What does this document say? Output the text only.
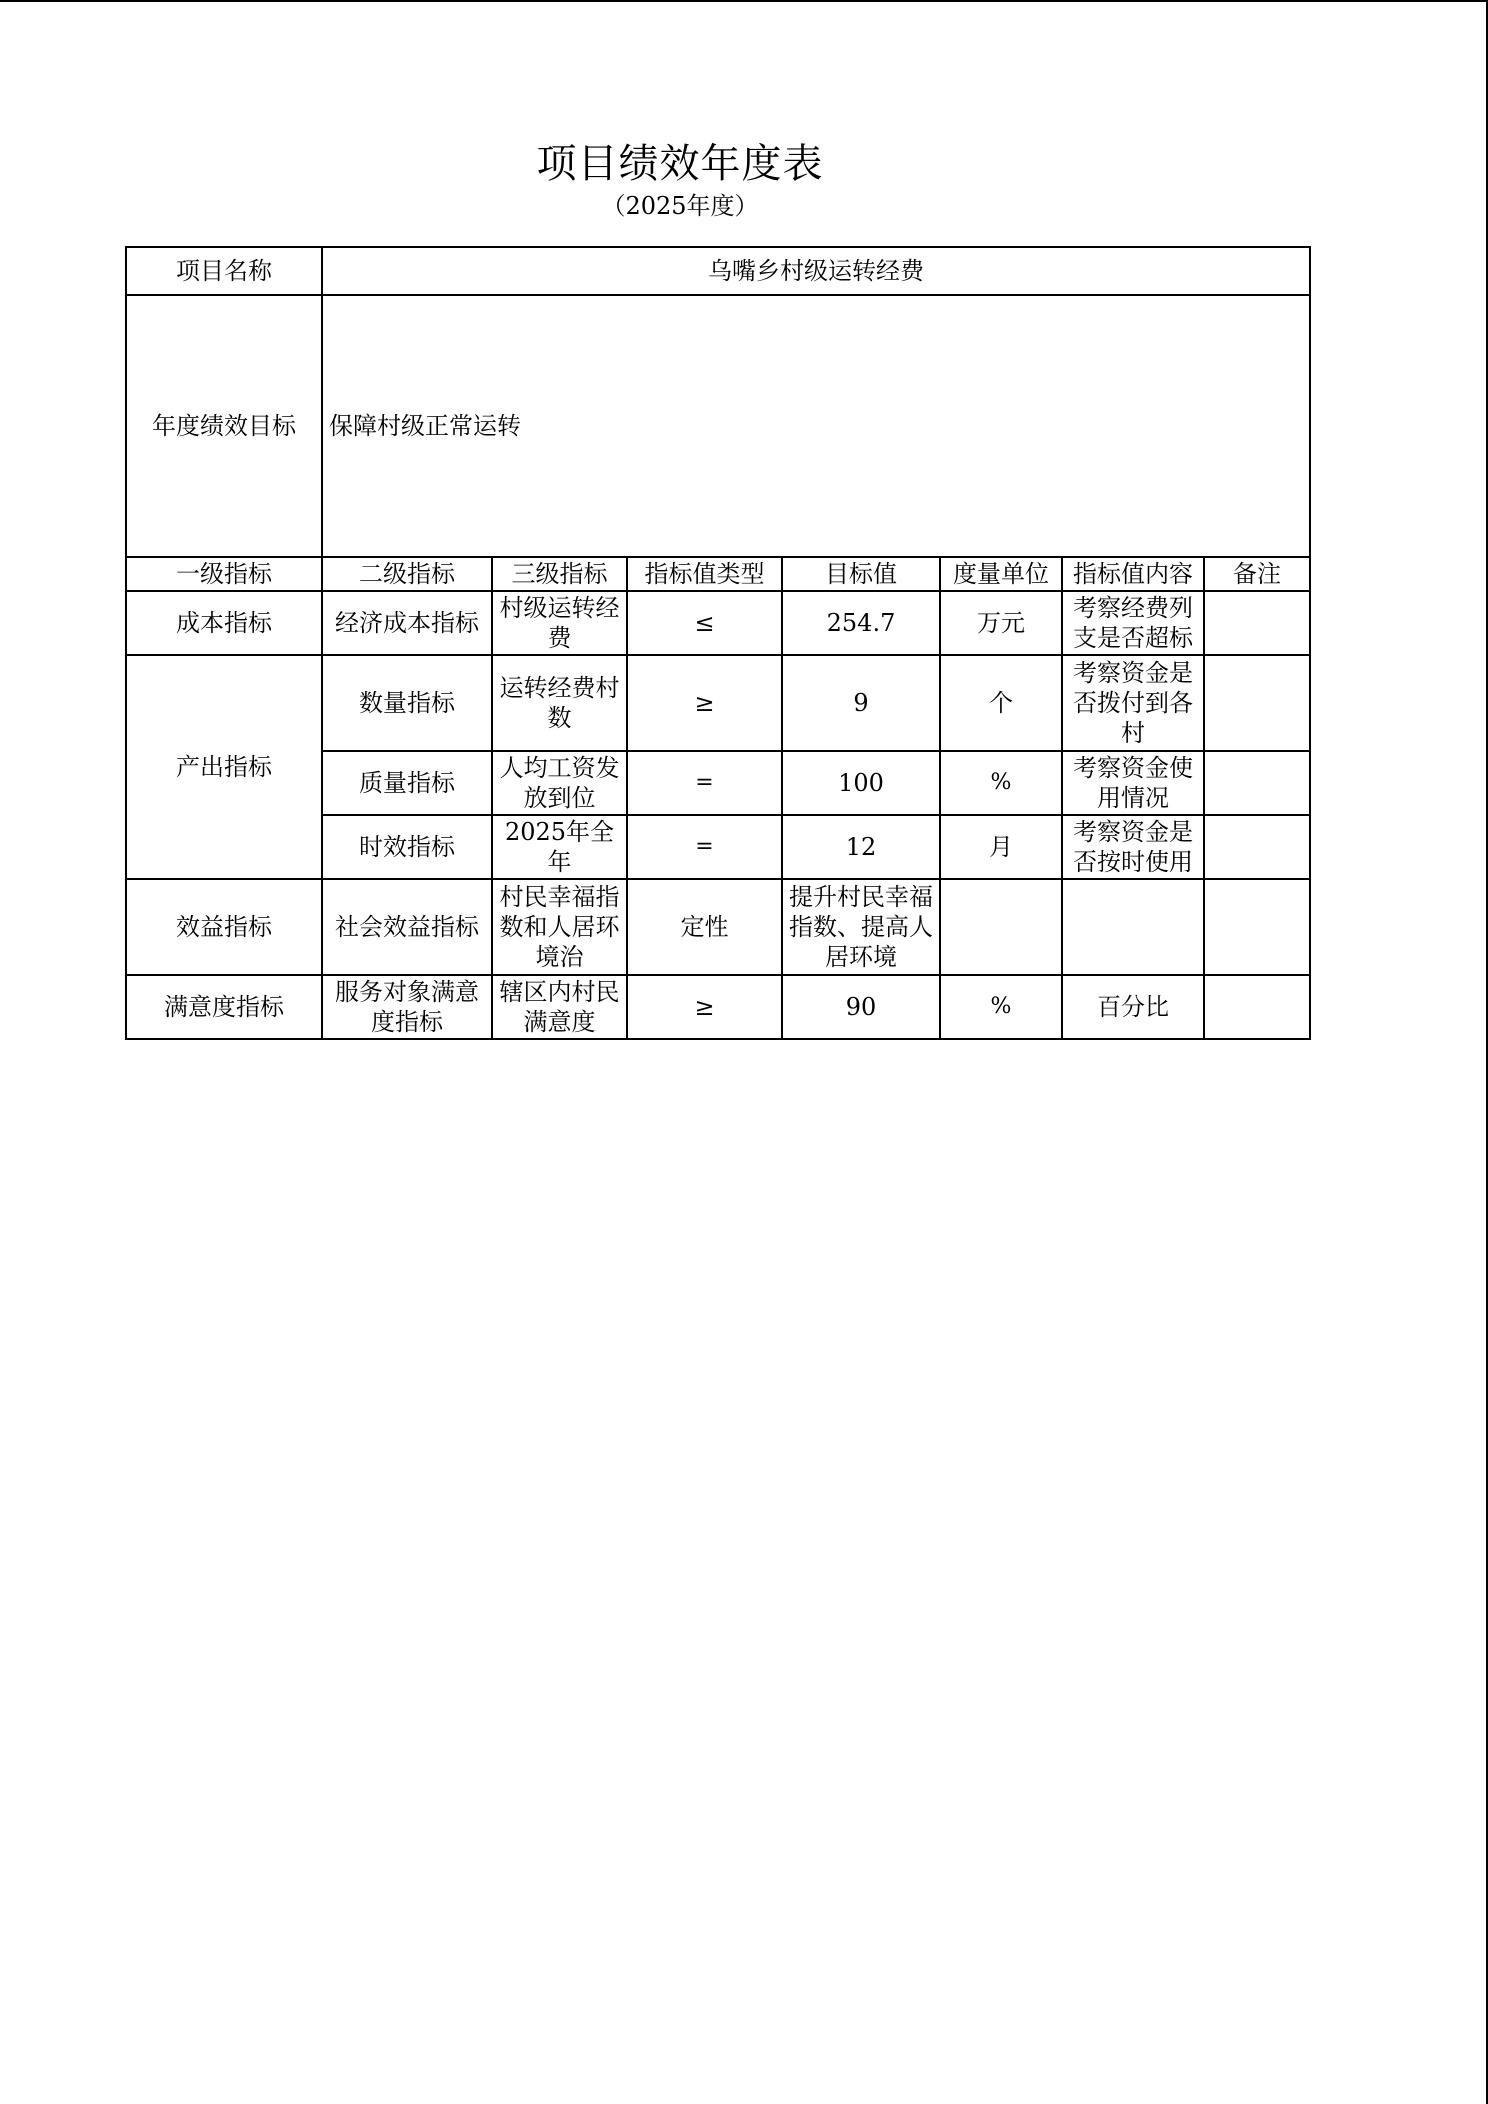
项目绩效年度表
（2025年度）
项目名称	乌嘴乡村级运转经费						
年度绩效目标	保障村级正常运转						
一级指标	二级指标	三级指标	指标值类型	目标值	度量单位	指标值内容	备注
成本指标	经济成本指标	村级运转经费	≤	254.7	万元	考察经费列支是否超标	
产出指标	数量指标	运转经费村数	≥	9	个	考察资金是否拨付到各村	
	质量指标	人均工资发放到位	=	100	%	考察资金使用情况	
	时效指标	2025年全年	=	12	月	考察资金是否按时使用	
效益指标	社会效益指标	村民幸福指数和人居环境治	定性	提升村民幸福指数、提高人居环境			
满意度指标	服务对象满意度指标	辖区内村民满意度	≥	90	%	百分比	
